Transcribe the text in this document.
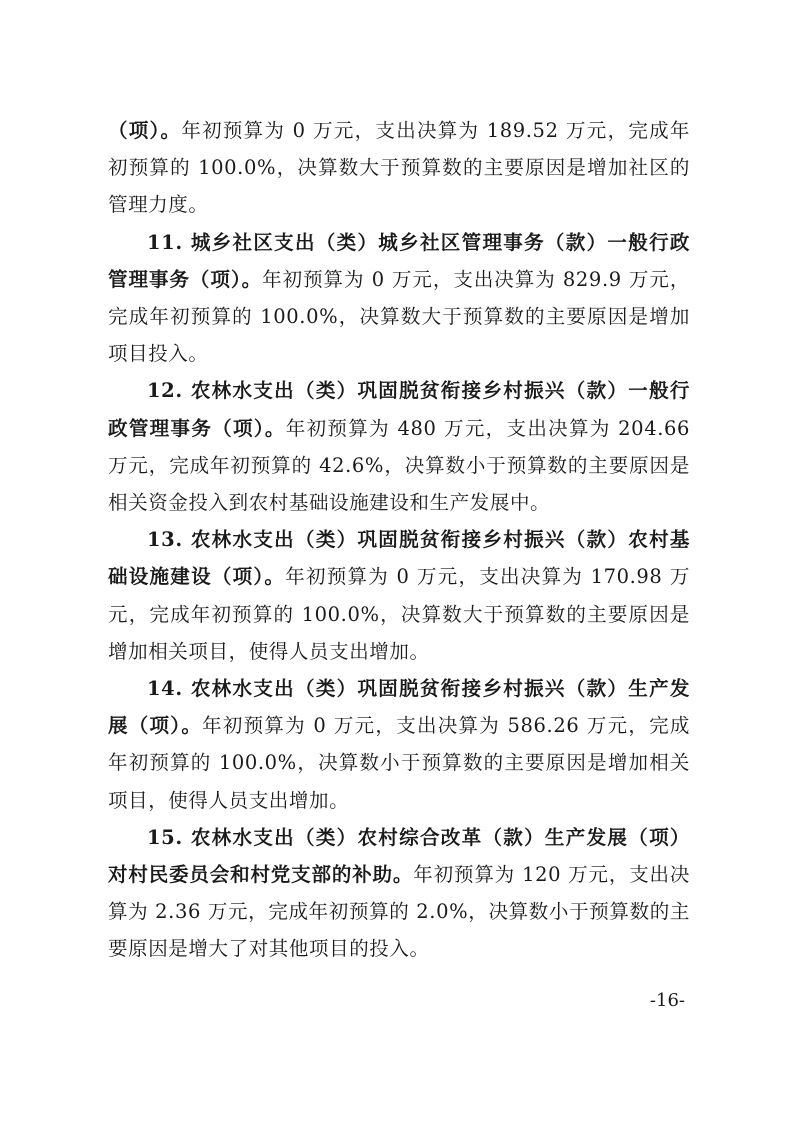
（项）。年初预算为 0 万元，支出决算为 189.52 万元，完成年初预算的 100.0%，决算数大于预算数的主要原因是增加社区的管理力度。

11. 城乡社区支出（类）城乡社区管理事务（款）一般行政管理事务（项）。年初预算为 0 万元，支出决算为 829.9 万元，完成年初预算的 100.0%，决算数大于预算数的主要原因是增加项目投入。

12. 农林水支出（类）巩固脱贫衔接乡村振兴（款）一般行政管理事务（项）。年初预算为 480 万元，支出决算为 204.66 万元，完成年初预算的 42.6%，决算数小于预算数的主要原因是相关资金投入到农村基础设施建设和生产发展中。

13. 农林水支出（类）巩固脱贫衔接乡村振兴（款）农村基础设施建设（项）。年初预算为 0 万元，支出决算为 170.98 万元，完成年初预算的 100.0%，决算数大于预算数的主要原因是增加相关项目，使得人员支出增加。

14. 农林水支出（类）巩固脱贫衔接乡村振兴（款）生产发展（项）。年初预算为 0 万元，支出决算为 586.26 万元，完成年初预算的 100.0%，决算数小于预算数的主要原因是增加相关项目，使得人员支出增加。

15. 农林水支出（类）农村综合改革（款）生产发展（项）对村民委员会和村党支部的补助。年初预算为 120 万元，支出决算为 2.36 万元，完成年初预算的 2.0%，决算数小于预算数的主要原因是增大了对其他项目的投入。

-16-
